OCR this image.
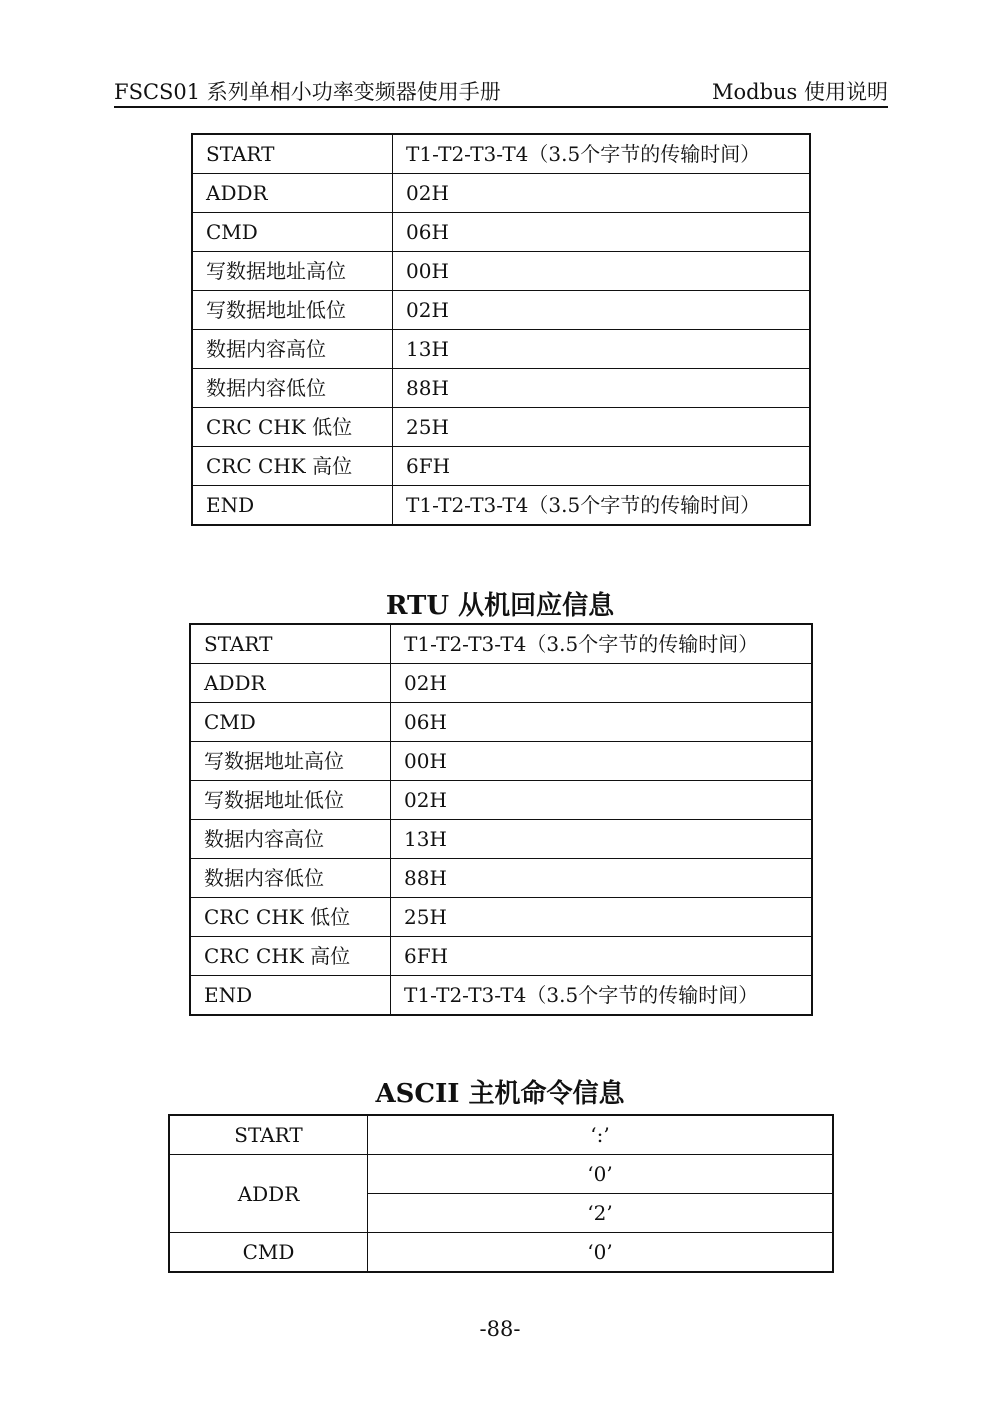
FSCS01 系列单相小功率变频器使用手册	Modbus 使用说明
START	T1-T2-T3-T4（3.5个字节的传输时间）
ADDR	02H
CMD	06H
写数据地址高位	00H
写数据地址低位	02H
数据内容高位	13H
数据内容低位	88H
CRC CHK 低位	25H
CRC CHK 高位	6FH
END	T1-T2-T3-T4（3.5个字节的传输时间）
RTU 从机回应信息
START	T1-T2-T3-T4（3.5个字节的传输时间）
ADDR	02H
CMD	06H
写数据地址高位	00H
写数据地址低位	02H
数据内容高位	13H
数据内容低位	88H
CRC CHK 低位	25H
CRC CHK 高位	6FH
END	T1-T2-T3-T4（3.5个字节的传输时间）
ASCII 主机命令信息
START	‘:’
ADDR	‘0’
	‘2’
CMD	‘0’
-88-
